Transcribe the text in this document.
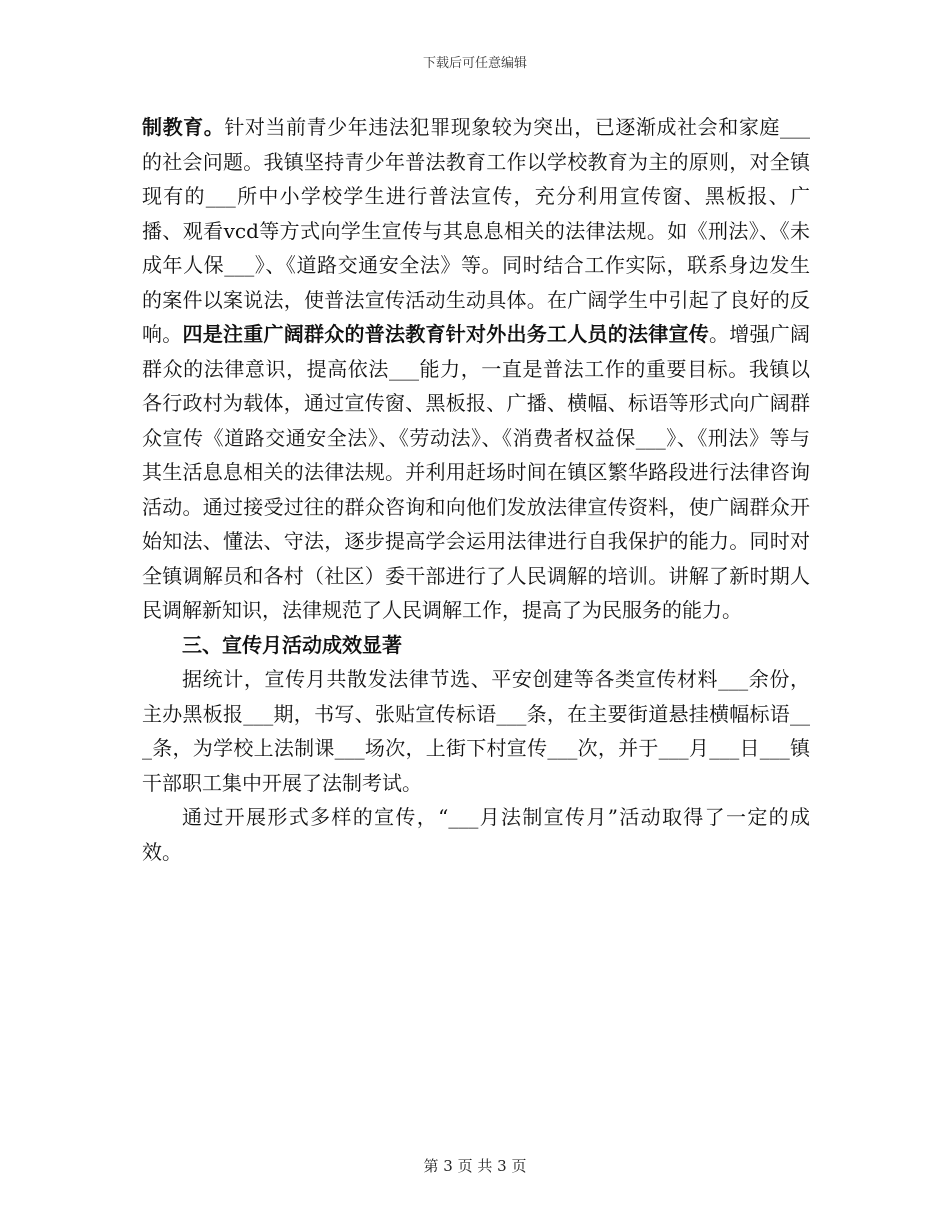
下载后可任意编辑

制教育。针对当前青少年违法犯罪现象较为突出，已逐渐成社会和家庭___的社会问题。我镇坚持青少年普法教育工作以学校教育为主的原则，对全镇现有的___所中小学校学生进行普法宣传，充分利用宣传窗、黑板报、广播、观看vcd等方式向学生宣传与其息息相关的法律法规。如《刑法》、《未成年人保___》、《道路交通安全法》等。同时结合工作实际，联系身边发生的案件以案说法，使普法宣传活动生动具体。在广阔学生中引起了良好的反响。四是注重广阔群众的普法教育针对外出务工人员的法律宣传。增强广阔群众的法律意识，提高依法___能力，一直是普法工作的重要目标。我镇以各行政村为载体，通过宣传窗、黑板报、广播、横幅、标语等形式向广阔群众宣传《道路交通安全法》、《劳动法》、《消费者权益保___》、《刑法》等与其生活息息相关的法律法规。并利用赶场时间在镇区繁华路段进行法律咨询活动。通过接受过往的群众咨询和向他们发放法律宣传资料，使广阔群众开始知法、懂法、守法，逐步提高学会运用法律进行自我保护的能力。同时对全镇调解员和各村（社区）委干部进行了人民调解的培训。讲解了新时期人民调解新知识，法律规范了人民调解工作，提高了为民服务的能力。

三、宣传月活动成效显著

据统计，宣传月共散发法律节选、平安创建等各类宣传材料___余份，主办黑板报___期，书写、张贴宣传标语___条，在主要街道悬挂横幅标语___条，为学校上法制课___场次，上街下村宣传___次，并于___月___日___镇干部职工集中开展了法制考试。

通过开展形式多样的宣传，“___月法制宣传月”活动取得了一定的成效。

第 3 页 共 3 页
